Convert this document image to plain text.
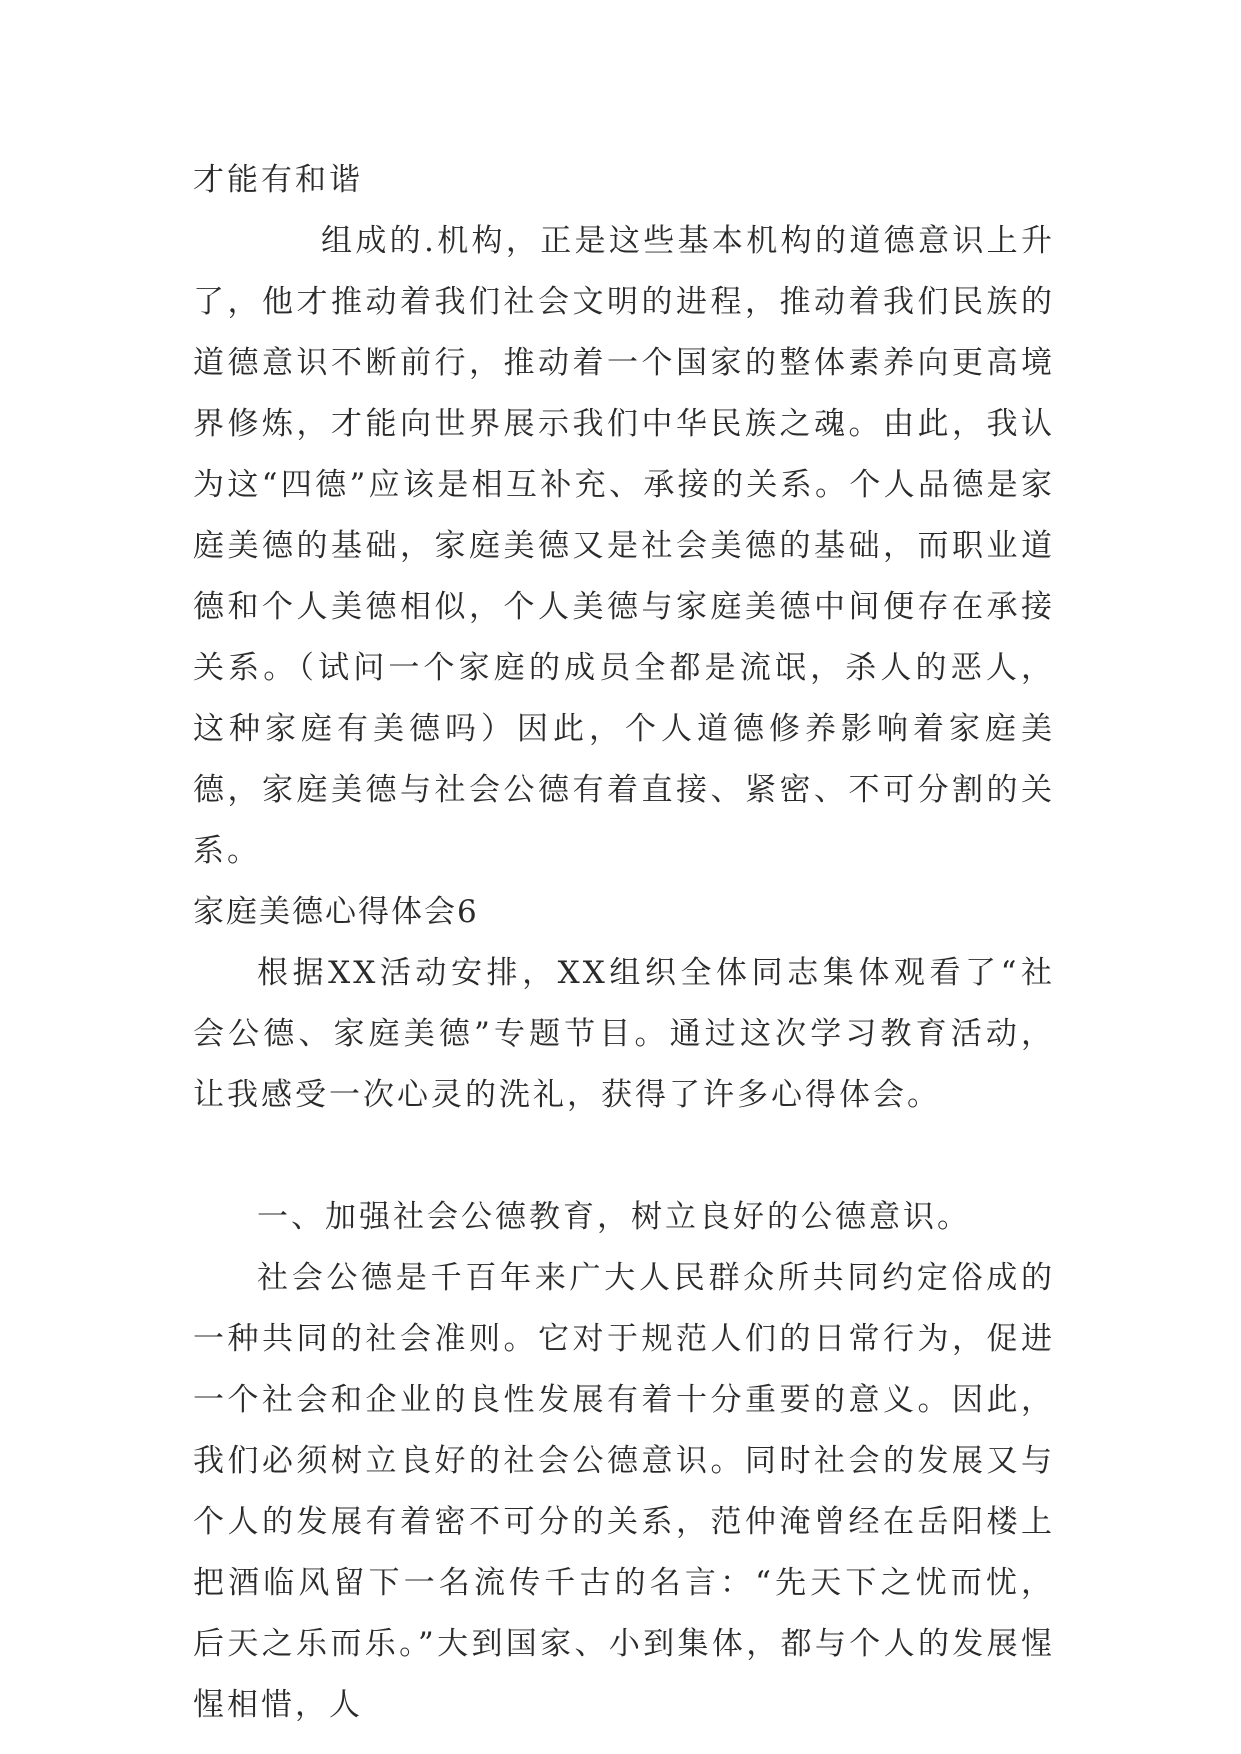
才能有和谐

组成的.机构，正是这些基本机构的道德意识上升了，他才推动着我们社会文明的进程，推动着我们民族的道德意识不断前行，推动着一个国家的整体素养向更高境界修炼，才能向世界展示我们中华民族之魂。由此，我认为这“四德”应该是相互补充、承接的关系。个人品德是家庭美德的基础，家庭美德又是社会美德的基础，而职业道德和个人美德相似，个人美德与家庭美德中间便存在承接关系。（试问一个家庭的成员全都是流氓，杀人的恶人，这种家庭有美德吗）因此，个人道德修养影响着家庭美德，家庭美德与社会公德有着直接、紧密、不可分割的关系。

家庭美德心得体会6

根据XX活动安排，XX组织全体同志集体观看了“社会公德、家庭美德”专题节目。通过这次学习教育活动，让我感受一次心灵的洗礼，获得了许多心得体会。

一、加强社会公德教育，树立良好的公德意识。

社会公德是千百年来广大人民群众所共同约定俗成的一种共同的社会准则。它对于规范人们的日常行为，促进一个社会和企业的良性发展有着十分重要的意义。因此，我们必须树立良好的社会公德意识。同时社会的发展又与个人的发展有着密不可分的关系，范仲淹曾经在岳阳楼上把酒临风留下一名流传千古的名言：“先天下之忧而忧，后天之乐而乐。”大到国家、小到集体，都与个人的发展惺惺相惜，人
